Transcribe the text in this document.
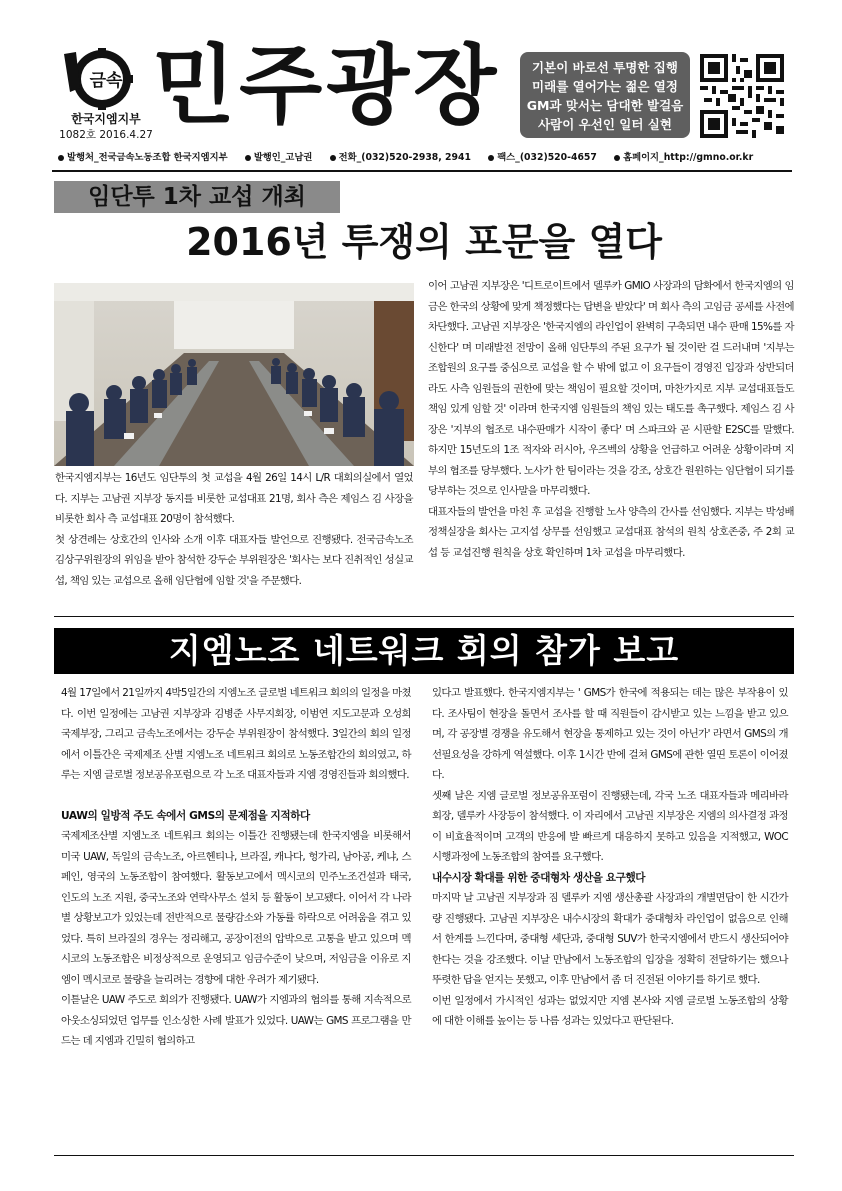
금속
한국지엠지부
1082호 2016.4.27 민주광장	기본이 바로선 투명한 집행
미래를 열어가는 젊은 열정
GM과 맞서는 담대한 발걸음
사람이 우선인 일터 실현
발행처_전국금속노동조합 한국지엠지부	발행인_고남권	전화_(032)520-2938, 2941	팩스_(032)520-4657	홈페이지_http://gmno.or.kr
임단투 1차 교섭 개최
2016년 투쟁의 포문을 열다

한국지엠지부는 16년도 임단투의 첫 교섭을 4월 26일 14시 L/R 대회의실에서 열었다. 지부는 고남권 지부장 동지를 비롯한 교섭대표 21명, 회사 측은 제임스 김 사장을 비롯한 회사 측 교섭대표 20명이 참석했다.

첫 상견례는 상호간의 인사와 소개 이후 대표자들 발언으로 진행됐다. 전국금속노조 김상구위원장의 위임을 받아 참석한 강두순 부위원장은 '회사는 보다 진취적인 성실교섭, 책임 있는 교섭으로 올해 임단협에 임할 것'을 주문했다.

이어 고남권 지부장은 '디트로이트에서 델루카 GMIO 사장과의 담화에서 한국지엠의 임금은 한국의 상황에 맞게 책정했다는 답변을 받았다' 며 회사 측의 고임금 공세를 사전에 차단했다. 고남권 지부장은 '한국지엠의 라인업이 완벽히 구축되면 내수 판매 15%를 자신한다' 며 미래발전 전망이 올해 임단투의 주된 요구가 될 것이란 걸 드러내며 '지부는 조합원의 요구를 중심으로 교섭을 할 수 밖에 없고 이 요구들이 경영진 입장과 상반되더라도 사측 임원들의 권한에 맞는 책임이 필요할 것이며, 마찬가지로 지부 교섭대표들도 책임 있게 임할 것' 이라며 한국지엠 임원들의 책임 있는 태도를 촉구했다. 제임스 김 사장은 '지부의 협조로 내수판매가 시작이 좋다' 며 스파크와 곧 시판할 E2SC를 말했다. 하지만 15년도의 1조 적자와 러시아, 우즈벡의 상황을 언급하고 어려운 상황이라며 지부의 협조를 당부했다. 노사가 한 팀이라는 것을 강조, 상호간 원윈하는 임단협이 되기를 당부하는 것으로 인사말을 마무리했다.

대표자들의 발언을 마친 후 교섭을 진행할 노사 양측의 간사를 선임했다. 지부는 박성배 정책실장을 회사는 고지섭 상무를 선임했고 교섭대표 참석의 원칙 상호존중, 주 2회 교섭 등 교섭진행 원칙을 상호 확인하며 1차 교섭을 마무리했다.

지엠노조 네트워크 회의 참가 보고

4월 17일에서 21일까지 4박5일간의 지엠노조 글로벌 네트워크 회의의 일정을 마쳤다. 이번 일정에는 고남권 지부장과 김병준 사무지회장, 이범연 지도고문과 오성희 국제부장, 그리고 금속노조에서는 강두순 부위원장이 참석했다. 3일간의 회의 일정에서 이틀간은 국제제조 산별 지엠노조 네트워크 회의로 노동조합간의 회의였고, 하루는 지엠 글로벌 정보공유포럼으로 각 노조 대표자들과 지엠 경영진들과 회의했다.

UAW의 일방적 주도 속에서 GMS의 문제점을 지적하다

국제제조산별 지엠노조 네트워크 회의는 이틀간 진행됐는데 한국지엠을 비롯해서 미국 UAW, 독일의 금속노조, 아르헨티나, 브라질, 캐나다, 헝가리, 남아공, 케냐, 스페인, 영국의 노동조합이 참여했다. 활동보고에서 멕시코의 민주노조건설과 태국, 인도의 노조 지원, 중국노조와 연락사무소 설치 등 활동이 보고됐다. 이어서 각 나라별 상황보고가 있었는데 전반적으로 물량감소와 가동률 하락으로 어려움을 겪고 있었다. 특히 브라질의 경우는 정리해고, 공장이전의 압박으로 고통을 받고 있으며 멕시코의 노동조합은 비정상적으로 운영되고 임금수준이 낮으며, 저임금을 이유로 지엠이 멕시코로 물량을 늘리려는 경향에 대한 우려가 제기됐다.

이튿날은 UAW 주도로 회의가 진행됐다. UAW가 지엠과의 협의를 통해 지속적으로 아웃소싱되었던 업무를 인소싱한 사례 발표가 있었다. UAW는 GMS 프로그램을 만드는 데 지엠과 긴밀히 협의하고

있다고 발표했다. 한국지엠지부는 ' GMS가 한국에 적용되는 데는 많은 부작용이 있다. 조사팀이 현장을 돌면서 조사를 할 때 직원들이 감시받고 있는 느낌을 받고 있으며, 각 공장별 경쟁을 유도해서 현장을 통제하고 있는 것이 아닌가' 라면서 GMS의 개선필요성을 강하게 역설했다. 이후 1시간 반에 걸쳐 GMS에 관한 열띤 토론이 이어졌다.

셋째 날은 지엠 글로벌 정보공유포럼이 진행됐는데, 각국 노조 대표자들과 메리바라 회장, 델루카 사장등이 참석했다. 이 자리에서 고남권 지부장은 지엠의 의사결정 과정이 비효율적이며 고객의 반응에 발 빠르게 대응하지 못하고 있음을 지적했고, WOC 시행과정에 노동조합의 참여를 요구했다.

내수시장 확대를 위한 중대형차 생산을 요구했다

마지막 날 고남권 지부장과 짐 델루카 지엠 생산총괄 사장과의 개별면담이 한 시간가량 진행됐다. 고남권 지부장은 내수시장의 확대가 중대형차 라인업이 없음으로 인해서 한계를 느낀다며, 중대형 세단과, 중대형 SUV가 한국지엠에서 반드시 생산되어야 한다는 것을 강조했다. 이날 만남에서 노동조합의 입장을 정확히 전달하기는 했으나 뚜렷한 답을 얻지는 못했고, 이후 만남에서 좀 더 진전된 이야기를 하기로 했다.

이번 일정에서 가시적인 성과는 없었지만 지엠 본사와 지엠 글로벌 노동조합의 상황에 대한 이해를 높이는 등 나름 성과는 있었다고 판단된다.
